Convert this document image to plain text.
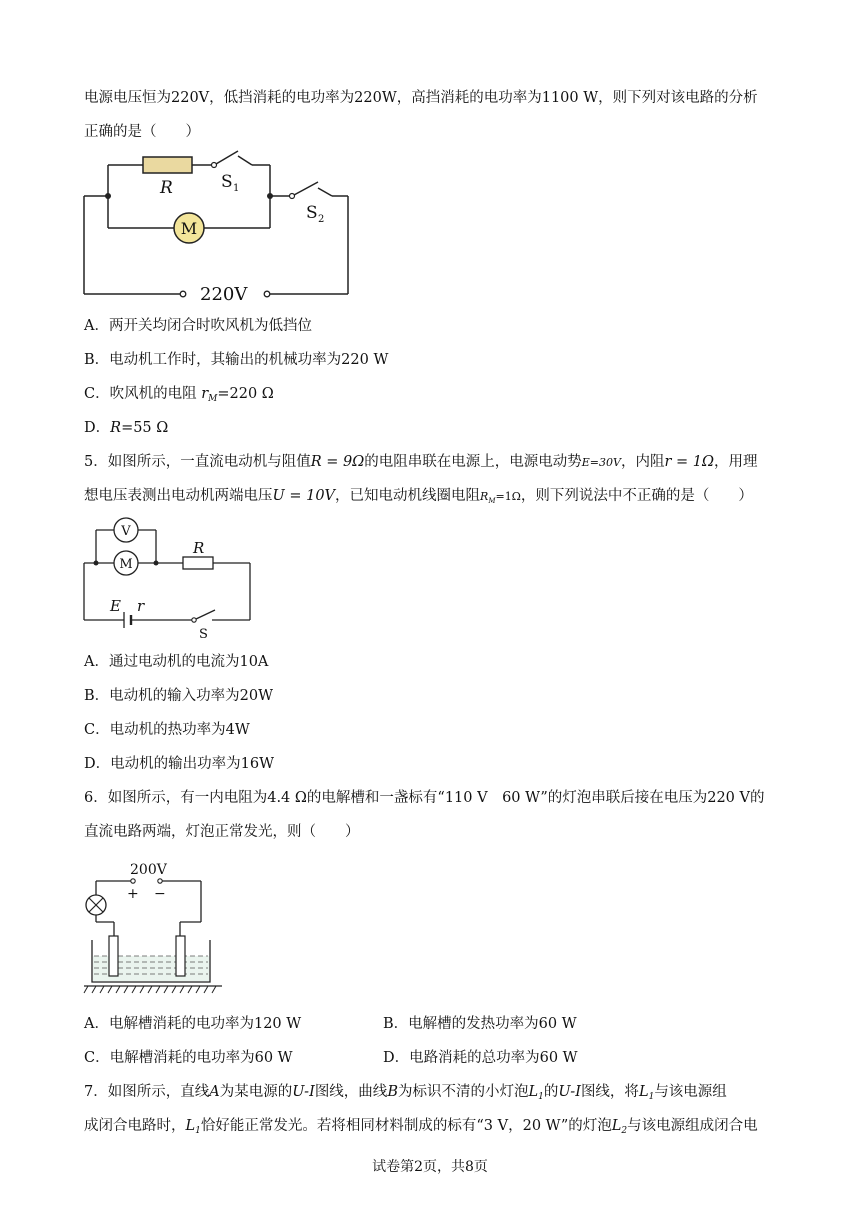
电源电压恒为220V，低挡消耗的电功率为220W，高挡消耗的电功率为1100 W，则下列对该电路的分析
正确的是（　　）
M
R	S 1
S 2
220V
A．两开关均闭合时吹风机为低挡位
B．电动机工作时，其输出的机械功率为220 W
C．吹风机的电阻 $r_M=220$ Ω
D．R=55 Ω
5．如图所示，一直流电动机与阻值R = 9Ω的电阻串联在电源上，电源电动势E=30V，内阻r = 1Ω，用理
想电压表测出电动机两端电压U = 10V，已知电动机线圈电阻$R_M=1\Omega$，则下列说法中不正确的是（　　）
V
M
R
E r
S
A．通过电动机的电流为10A
B．电动机的输入功率为20W
C．电动机的热功率为4W
D．电动机的输出功率为16W
6．如图所示，有一内电阻为4.4 Ω的电解槽和一盏标有“110 V　60 W”的灯泡串联后接在电压为220 V的
直流电路两端，灯泡正常发光，则（　　）
200V
+ −
A．电解槽消耗的电功率为120 W	B．电解槽的发热功率为60 W
C．电解槽消耗的电功率为60 W	D．电路消耗的总功率为60 W
7．如图所示，直线A为某电源的U-I图线，曲线B为标识不清的小灯泡$L_1$的U-I图线，将$L_1$与该电源组
成闭合电路时，$L_1$恰好能正常发光。若将相同材料制成的标有“3 V，20 W”的灯泡$L_2$与该电源组成闭合电
试卷第2页，共8页
